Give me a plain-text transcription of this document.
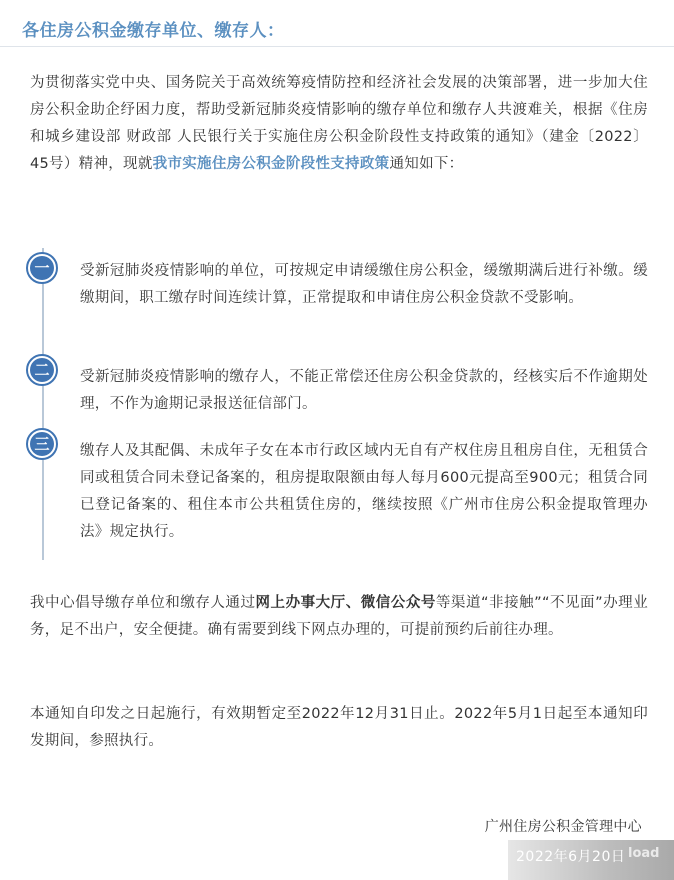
各住房公积金缴存单位、缴存人：
为贯彻落实党中央、国务院关于高效统筹疫情防控和经济社会发展的决策部署，进一步加大住房公积金助企纾困力度，帮助受新冠肺炎疫情影响的缴存单位和缴存人共渡难关，根据《住房和城乡建设部 财政部 人民银行关于实施住房公积金阶段性支持政策的通知》（建金〔2022〕45号）精神，现就我市实施住房公积金阶段性支持政策通知如下：
一	受新冠肺炎疫情影响的单位，可按规定申请缓缴住房公积金，缓缴期满后进行补缴。缓缴期间，职工缴存时间连续计算，正常提取和申请住房公积金贷款不受影响。
二	受新冠肺炎疫情影响的缴存人，不能正常偿还住房公积金贷款的，经核实后不作逾期处理，不作为逾期记录报送征信部门。
三	缴存人及其配偶、未成年子女在本市行政区域内无自有产权住房且租房自住，无租赁合同或租赁合同未登记备案的，租房提取限额由每人每月600元提高至900元；租赁合同已登记备案的、租住本市公共租赁住房的，继续按照《广州市住房公积金提取管理办法》规定执行。
我中心倡导缴存单位和缴存人通过网上办事大厅、微信公众号等渠道“非接触”“不见面”办理业务，足不出户，安全便捷。确有需要到线下网点办理的，可提前预约后前往办理。
本通知自印发之日起施行，有效期暂定至2022年12月31日止。2022年5月1日起至本通知印发期间，参照执行。
广州住房公积金管理中心
2022年6月20日 load
